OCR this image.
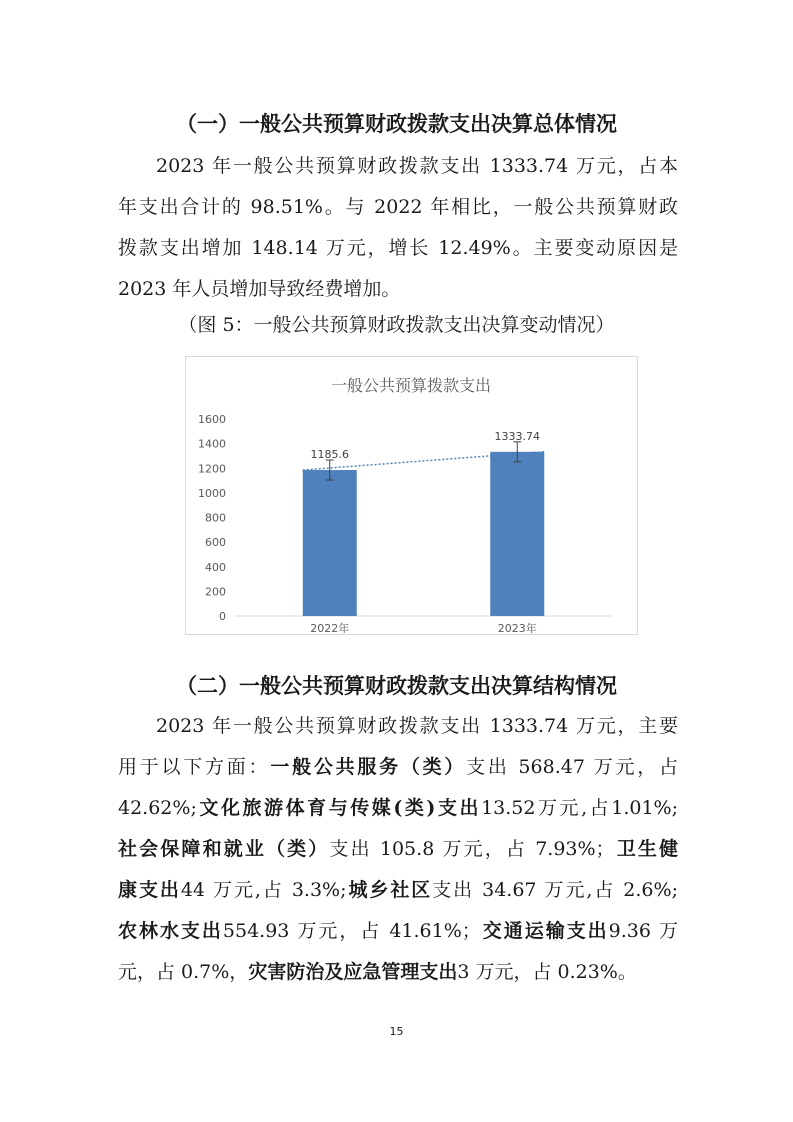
（一）一般公共预算财政拨款支出决算总体情况
2023 年一般公共预算财政拨款支出 1333.74 万元，占本
年支出合计的 98.51%。与 2022 年相比，一般公共预算财政
拨款支出增加 148.14 万元，增长 12.49%。主要变动原因是
2023 年人员增加导致经费增加。
（图 5：一般公共预算财政拨款支出决算变动情况）
一般公共预算拨款支出
0
200
400
600
800
1000
1200
1400
1600
1185.6
1333.74
2022年	2023年
（二）一般公共预算财政拨款支出决算结构情况
2023 年一般公共预算财政拨款支出 1333.74 万元，主要
用于以下方面：一般公共服务（类）支出 568.47 万元，占
42.62%;文化旅游体育与传媒(类)支出13.52万元,占1.01%;
社会保障和就业（类）支出 105.8 万元，占 7.93%；卫生健
康支出44 万元,占 3.3%;城乡社区支出 34.67 万元,占 2.6%;
农林水支出554.93 万元，占 41.61%；交通运输支出9.36 万
元，占 0.7%，灾害防治及应急管理支出3 万元，占 0.23%。
15
